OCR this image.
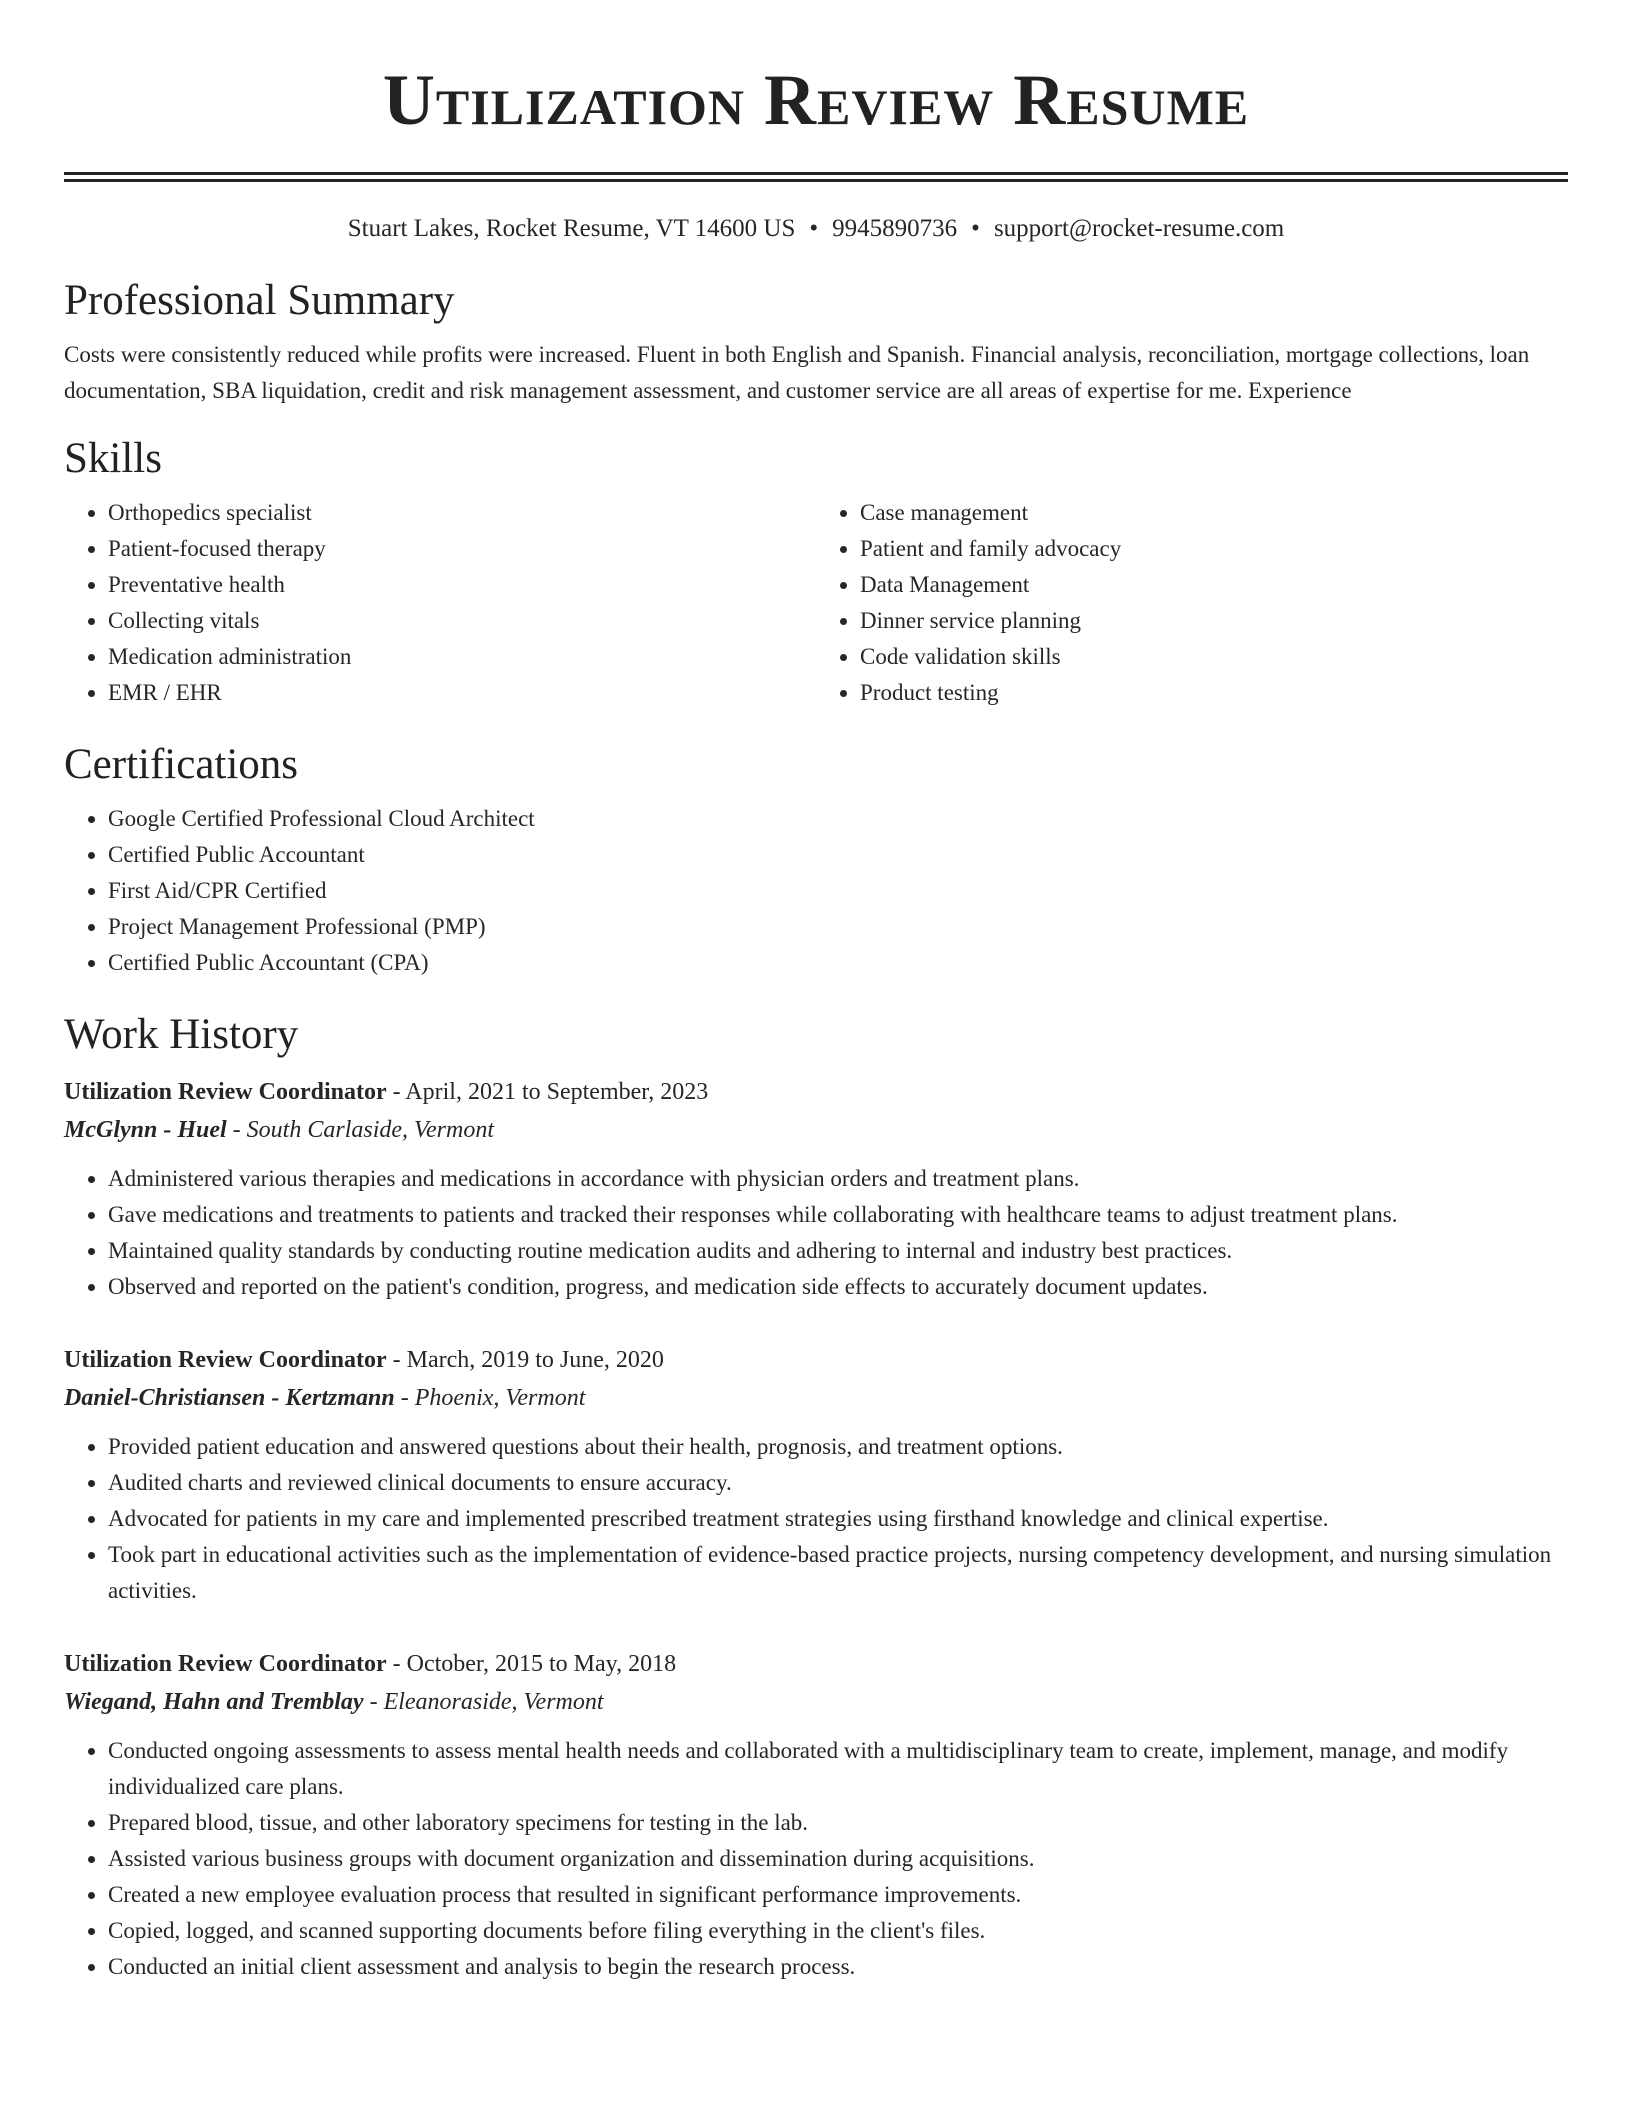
Utilization Review Resume
Stuart Lakes, Rocket Resume, VT 14600 US • 9945890736 • support@rocket-resume.com
Professional Summary
Costs were consistently reduced while profits were increased. Fluent in both English and Spanish. Financial analysis, reconciliation, mortgage collections, loan documentation, SBA liquidation, credit and risk management assessment, and customer service are all areas of expertise for me. Experience
Skills
• Orthopedics specialist
• Patient-focused therapy
• Preventative health
• Collecting vitals
• Medication administration
• EMR / EHR
• Case management
• Patient and family advocacy
• Data Management
• Dinner service planning
• Code validation skills
• Product testing
Certifications
• Google Certified Professional Cloud Architect
• Certified Public Accountant
• First Aid/CPR Certified
• Project Management Professional (PMP)
• Certified Public Accountant (CPA)
Work History
Utilization Review Coordinator - April, 2021 to September, 2023
McGlynn - Huel - South Carlaside, Vermont
• Administered various therapies and medications in accordance with physician orders and treatment plans.
• Gave medications and treatments to patients and tracked their responses while collaborating with healthcare teams to adjust treatment plans.
• Maintained quality standards by conducting routine medication audits and adhering to internal and industry best practices.
• Observed and reported on the patient's condition, progress, and medication side effects to accurately document updates.
Utilization Review Coordinator - March, 2019 to June, 2020
Daniel-Christiansen - Kertzmann - Phoenix, Vermont
• Provided patient education and answered questions about their health, prognosis, and treatment options.
• Audited charts and reviewed clinical documents to ensure accuracy.
• Advocated for patients in my care and implemented prescribed treatment strategies using firsthand knowledge and clinical expertise.
• Took part in educational activities such as the implementation of evidence-based practice projects, nursing competency development, and nursing simulation activities.
Utilization Review Coordinator - October, 2015 to May, 2018
Wiegand, Hahn and Tremblay - Eleanoraside, Vermont
• Conducted ongoing assessments to assess mental health needs and collaborated with a multidisciplinary team to create, implement, manage, and modify individualized care plans.
• Prepared blood, tissue, and other laboratory specimens for testing in the lab.
• Assisted various business groups with document organization and dissemination during acquisitions.
• Created a new employee evaluation process that resulted in significant performance improvements.
• Copied, logged, and scanned supporting documents before filing everything in the client's files.
• Conducted an initial client assessment and analysis to begin the research process.
